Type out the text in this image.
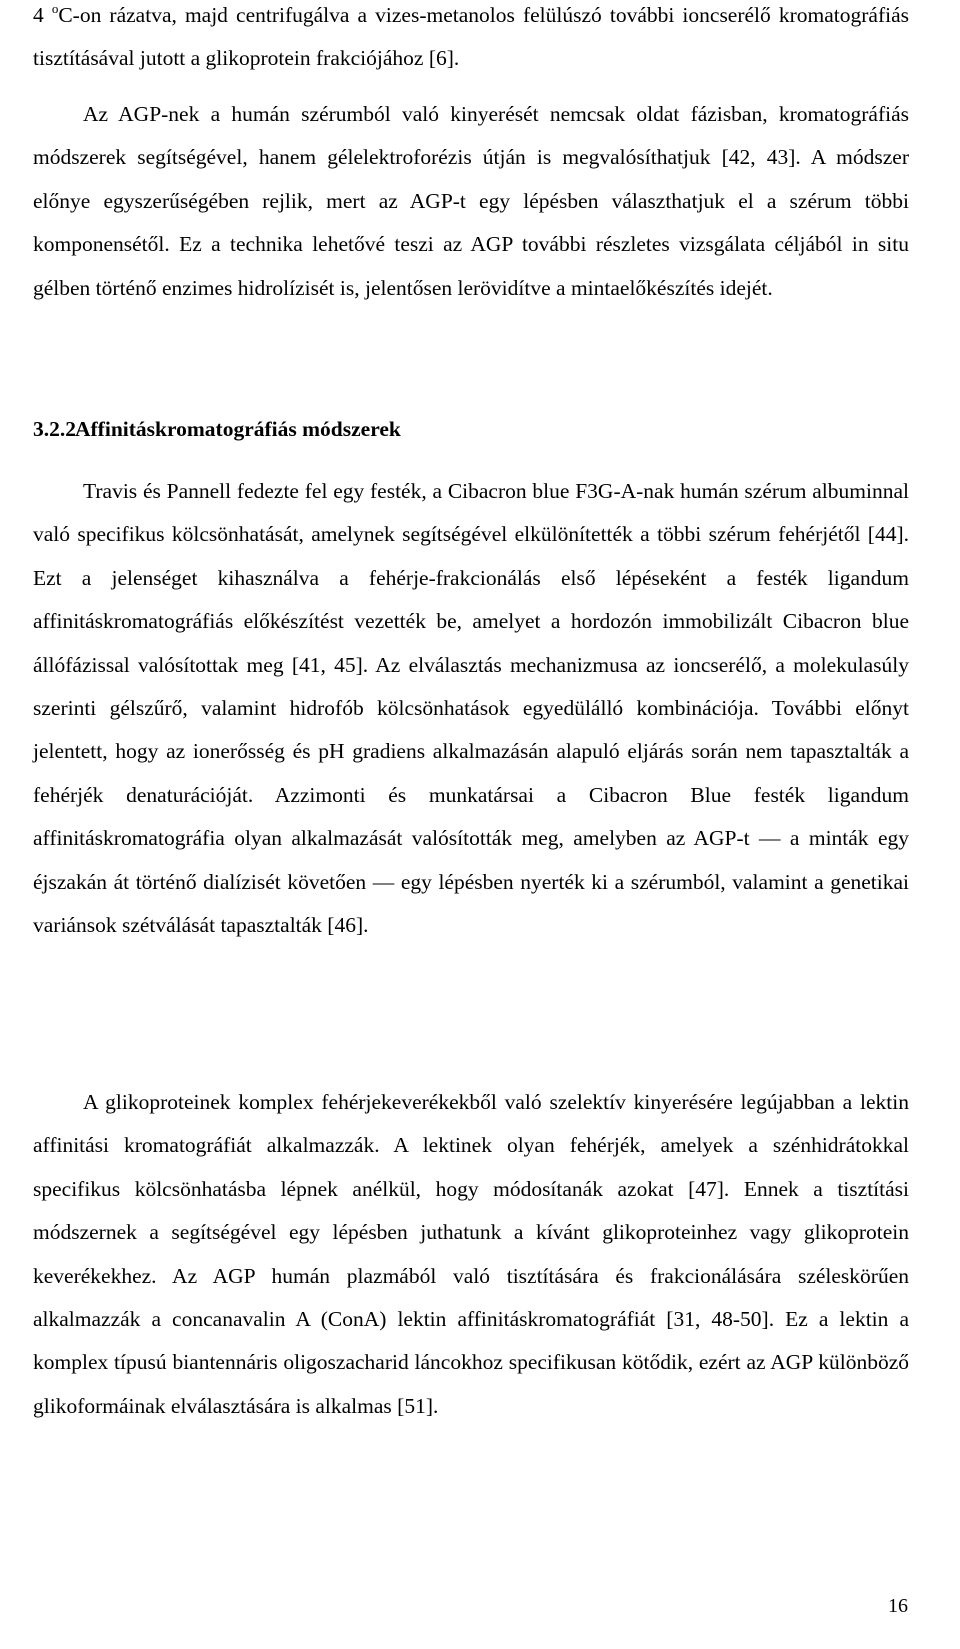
4 $^o$C-on rázatva, majd centrifugálva a vizes-metanolos felülúszó további ioncserélő kromatográfiás tisztításával jutott a glikoprotein frakciójához [6].

Az AGP-nek a humán szérumból való kinyerését nemcsak oldat fázisban, kromatográfiás módszerek segítségével, hanem gélelektroforézis útján is megvalósíthatjuk [42, 43]. A módszer előnye egyszerűségében rejlik, mert az AGP-t egy lépésben választhatjuk el a szérum többi komponensétől. Ez a technika lehetővé teszi az AGP további részletes vizsgálata céljából in situ gélben történő enzimes hidrolízisét is, jelentősen lerövidítve a mintaelőkészítés idejét.

3.2.2Affinitáskromatográfiás módszerek

Travis és Pannell fedezte fel egy festék, a Cibacron blue F3G-A-nak humán szérum albuminnal való specifikus kölcsönhatását, amelynek segítségével elkülönítették a többi szérum fehérjétől [44]. Ezt a jelenséget kihasználva a fehérje-frakcionálás első lépéseként a festék ligandum affinitáskromatográfiás előkészítést vezették be, amelyet a hordozón immobilizált Cibacron blue állófázissal valósítottak meg [41, 45]. Az elválasztás mechanizmusa az ioncserélő, a molekulasúly szerinti gélszűrő, valamint hidrofób kölcsönhatások egyedülálló kombinációja. További előnyt jelentett, hogy az ionerősség és pH gradiens alkalmazásán alapuló eljárás során nem tapasztalták a fehérjék denaturációját. Azzimonti és munkatársai a Cibacron Blue festék ligandum affinitáskromatográfia olyan alkalmazását valósították meg, amelyben az AGP-t — a minták egy éjszakán át történő dialízisét követően — egy lépésben nyerték ki a szérumból, valamint a genetikai variánsok szétválását tapasztalták [46].

A glikoproteinek komplex fehérjekeverékekből való szelektív kinyerésére legújabban a lektin affinitási kromatográfiát alkalmazzák. A lektinek olyan fehérjék, amelyek a szénhidrátokkal specifikus kölcsönhatásba lépnek anélkül, hogy módosítanák azokat [47]. Ennek a tisztítási módszernek a segítségével egy lépésben juthatunk a kívánt glikoproteinhez vagy glikoprotein keverékekhez. Az AGP humán plazmából való tisztítására és frakcionálására széleskörűen alkalmazzák a concanavalin A (ConA) lektin affinitáskromatográfiát [31, 48-50]. Ez a lektin a komplex típusú biantennáris oligoszacharid láncokhoz specifikusan kötődik, ezért az AGP különböző glikoformáinak elválasztására is alkalmas [51].

16
